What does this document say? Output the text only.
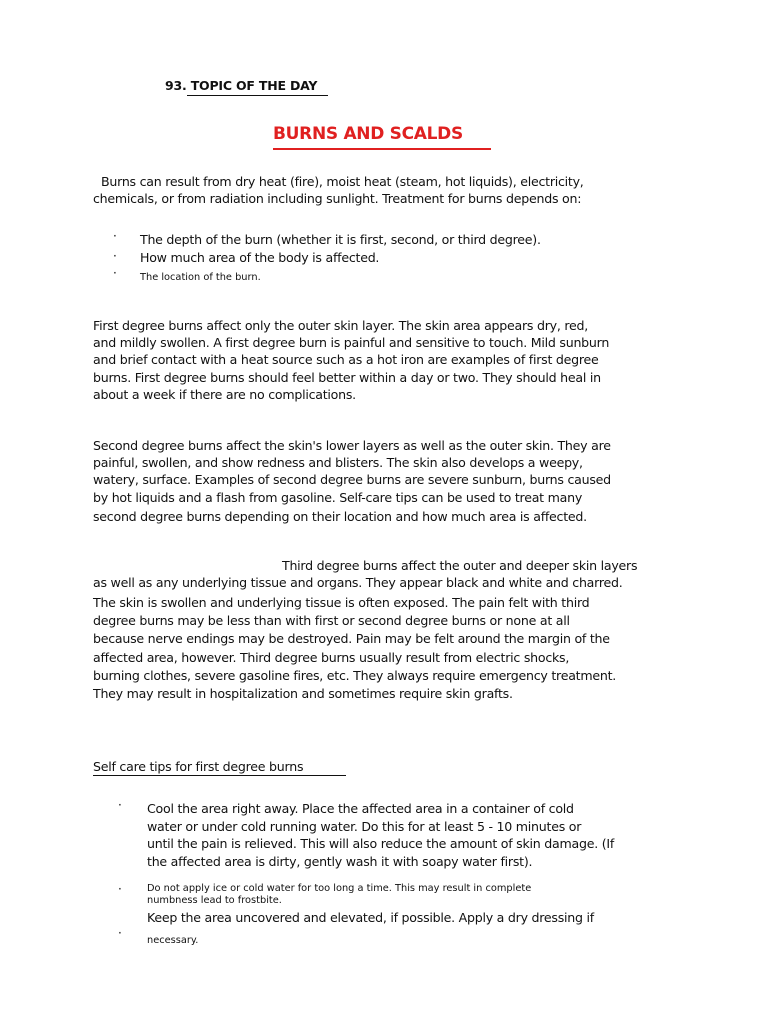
93. TOPIC OF THE DAY
BURNS AND SCALDS
Burns can result from dry heat (fire), moist heat (steam, hot liquids), electricity,
chemicals, or from radiation including sunlight. Treatment for burns depends on:
· The depth of the burn (whether it is first, second, or third degree).
· How much area of the body is affected.
· The location of the burn.
First degree burns affect only the outer skin layer. The skin area appears dry, red,
and mildly swollen. A first degree burn is painful and sensitive to touch. Mild sunburn
and brief contact with a heat source such as a hot iron are examples of first degree
burns. First degree burns should feel better within a day or two. They should heal in
about a week if there are no complications.
Second degree burns affect the skin's lower layers as well as the outer skin. They are
painful, swollen, and show redness and blisters. The skin also develops a weepy,
watery, surface. Examples of second degree burns are severe sunburn, burns caused
by hot liquids and a flash from gasoline. Self-care tips can be used to treat many
second degree burns depending on their location and how much area is affected.
Third degree burns affect the outer and deeper skin layers
as well as any underlying tissue and organs. They appear black and white and charred.
The skin is swollen and underlying tissue is often exposed. The pain felt with third
degree burns may be less than with first or second degree burns or none at all
because nerve endings may be destroyed. Pain may be felt around the margin of the
affected area, however. Third degree burns usually result from electric shocks,
burning clothes, severe gasoline fires, etc. They always require emergency treatment.
They may result in hospitalization and sometimes require skin grafts.
Self care tips for first degree burns
· Cool the area right away. Place the affected area in a container of cold
water or under cold running water. Do this for at least 5 - 10 minutes or
until the pain is relieved. This will also reduce the amount of skin damage. (If
the affected area is dirty, gently wash it with soapy water first).
·	Do not apply ice or cold water for too long a time. This may result in complete
numbness lead to frostbite.
Keep the area uncovered and elevated, if possible. Apply a dry dressing if
·
necessary.
